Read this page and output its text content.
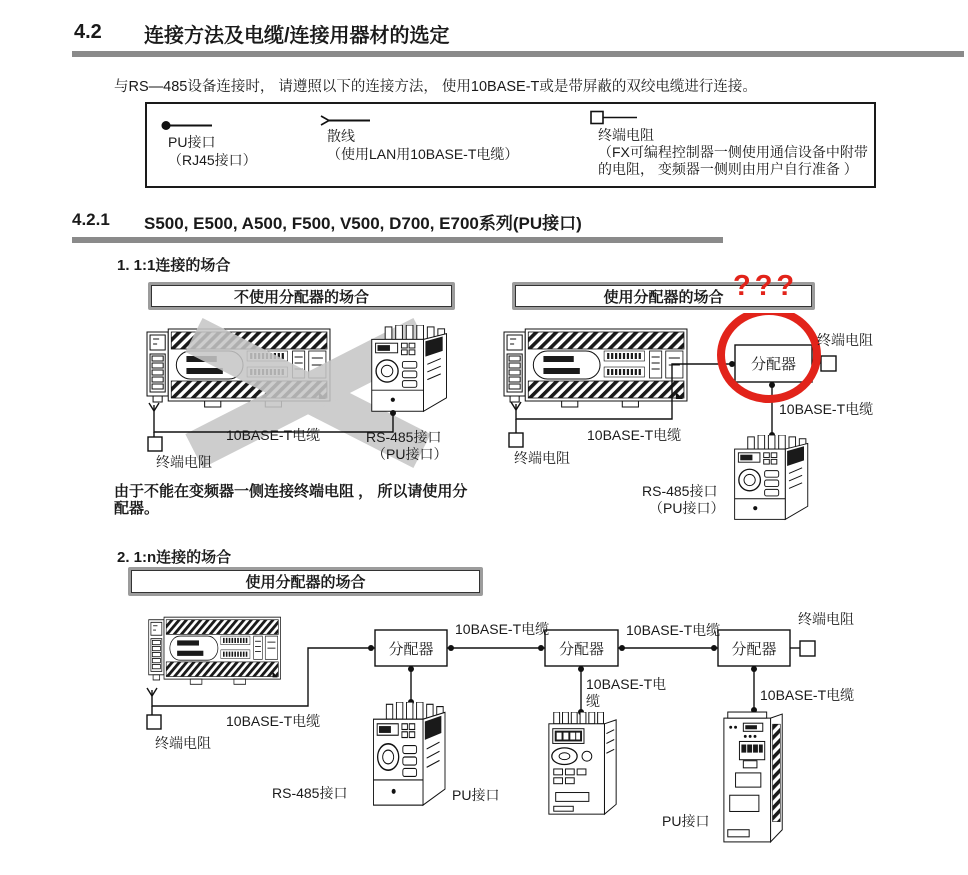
4.2 连接方法及电缆/连接用器材的选定
与RS—485设备连接时， 请遵照以下的连接方法， 使用10BASE-T或是带屏蔽的双绞电缆进行连接。
PU接口
（RJ45接口）
散线
（使用LAN用10BASE-T电缆）
终端电阻
（FX可编程控制器一侧使用通信设备中附带
的电阻， 变频器一侧则由用户自行准备 ）
4.2.1 S500, E500, A500, F500, V500, D700, E700系列(PU接口)
1. 1:1连接的场合
不使用分配器的场合	使用分配器的场合 ???
10BASE-T电缆	RS-485接口
（PU接口）
终端电阻
由于不能在变频器一侧连接终端电阻 ， 所以请使用分
配器。
分配器
终端电阻
10BASE-T电缆
终端电阻
10BASE-T电缆
RS-485接口
（PU接口）
2. 1:n连接的场合
使用分配器的场合
终端电阻
10BASE-T电缆
分配器	分配器	分配器
10BASE-T电缆	10BASE-T电缆
终端电阻
10BASE-T电
缆	10BASE-T电缆
RS-485接口	PU接口
PU接口
